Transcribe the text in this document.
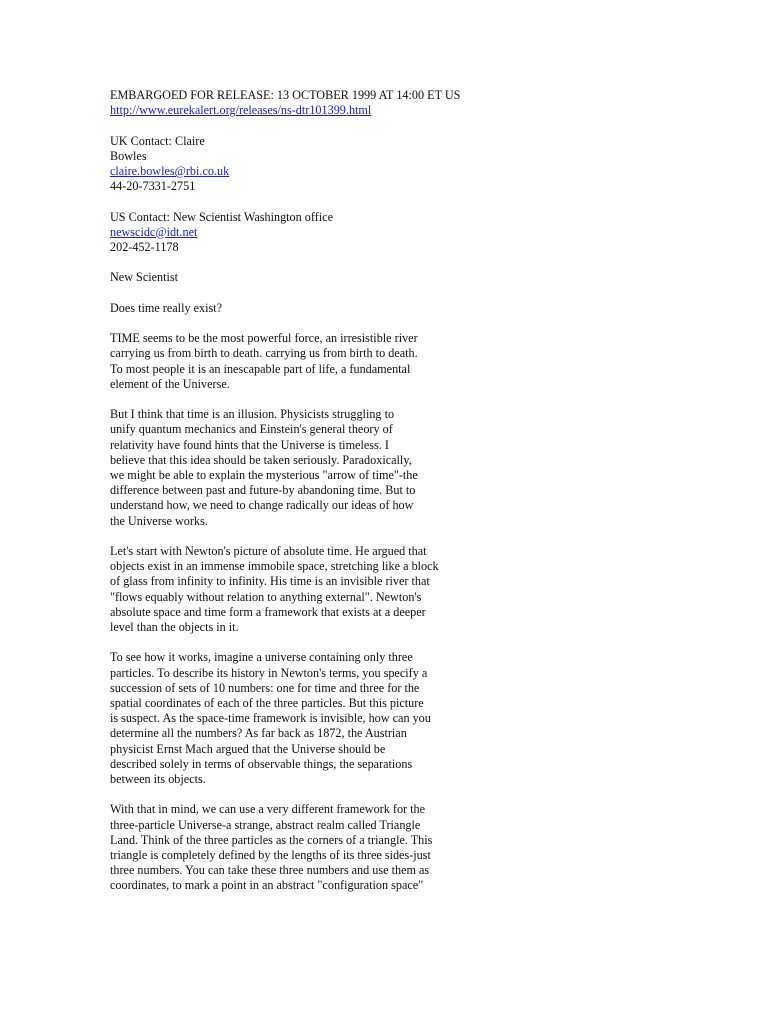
EMBARGOED FOR RELEASE: 13 OCTOBER 1999 AT 14:00 ET US
http://www.eurekalert.org/releases/ns-dtr101399.html

UK Contact: Claire
Bowles
claire.bowles@rbi.co.uk
44-20-7331-2751

US Contact: New Scientist Washington office
newscidc@idt.net
202-452-1178

New Scientist

Does time really exist?

TIME seems to be the most powerful force, an irresistible river
carrying us from birth to death. carrying us from birth to death.
To most people it is an inescapable part of life, a fundamental
element of the Universe.

But I think that time is an illusion. Physicists struggling to
unify quantum mechanics and Einstein's general theory of
relativity have found hints that the Universe is timeless. I
believe that this idea should be taken seriously. Paradoxically,
we might be able to explain the mysterious "arrow of time"-the
difference between past and future-by abandoning time. But to
understand how, we need to change radically our ideas of how
the Universe works.

Let's start with Newton's picture of absolute time. He argued that
objects exist in an immense immobile space, stretching like a block
of glass from infinity to infinity. His time is an invisible river that
"flows equably without relation to anything external". Newton's
absolute space and time form a framework that exists at a deeper
level than the objects in it.

To see how it works, imagine a universe containing only three
particles. To describe its history in Newton's terms, you specify a
succession of sets of 10 numbers: one for time and three for the
spatial coordinates of each of the three particles. But this picture
is suspect. As the space-time framework is invisible, how can you
determine all the numbers? As far back as 1872, the Austrian
physicist Ernst Mach argued that the Universe should be
described solely in terms of observable things, the separations
between its objects.

With that in mind, we can use a very different framework for the
three-particle Universe-a strange, abstract realm called Triangle
Land. Think of the three particles as the corners of a triangle. This
triangle is completely defined by the lengths of its three sides-just
three numbers. You can take these three numbers and use them as
coordinates, to mark a point in an abstract "configuration space"
